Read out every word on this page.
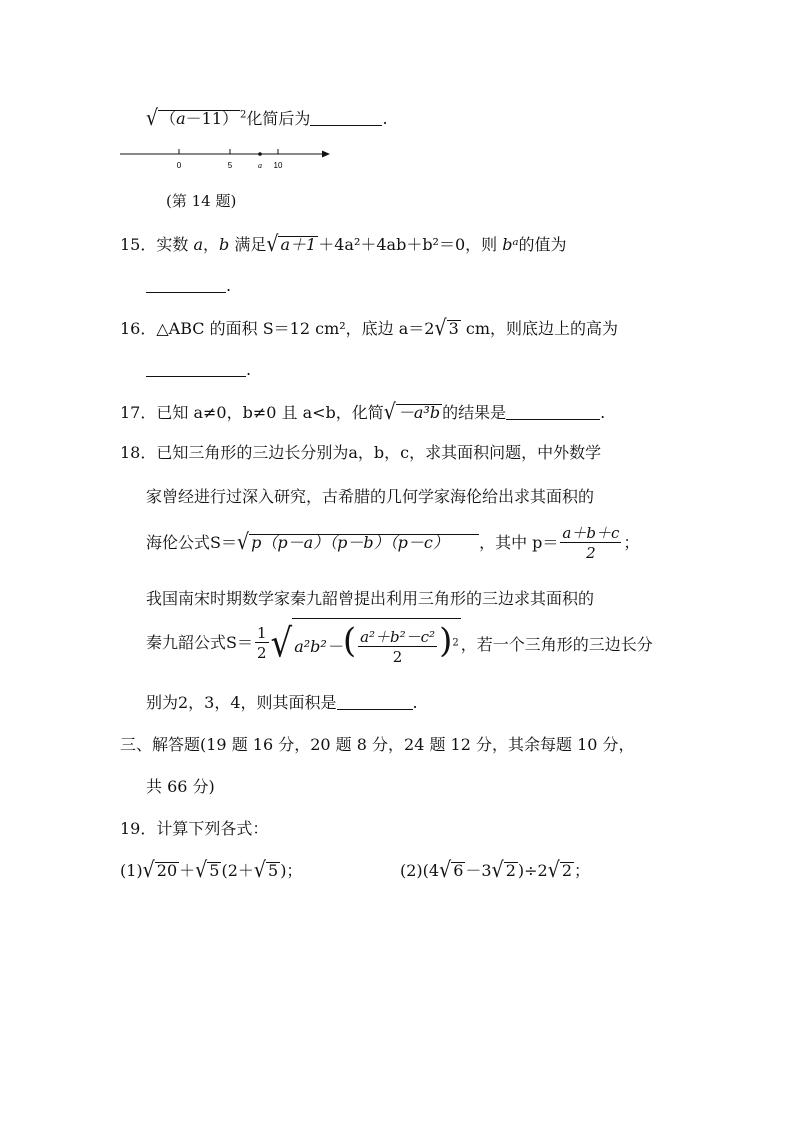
√ （a－11） $^2$化简后为	.
0	5	a 10
(第 14 题)
15．实数 a，b 满足√ a＋1 ＋4a²＋4ab＋b²＝0，则 bᵃ的值为
.
16．△ABC 的面积 S＝12 cm²，底边 a＝2√ 3 cm，则底边上的高为
.
17．已知 a≠0，b≠0 且 a<b，化简√ －a³b 的结果是	.
18．已知三角形的三边长分别为a，b，c，求其面积问题，中外数学
家曾经进行过深入研究，古希腊的几何学家海伦给出求其面积的
海伦公式S＝√ p（p－a）（p－b）（p－c） ，其中 $p= \frac{a+b+c}{2}$ ；
我国南宋时期数学家秦九韶曾提出利用三角形的三边求其面积的
秦九韶公式$S= \frac{1}{2}$ √ $a^2b^2-( \frac{\text{a²＋b²－c²}}{2} )^2$ ，若一个三角形的三边长分
别为2，3，4，则其面积是	.
三、解答题(19 题 16 分，20 题 8 分，24 题 12 分，其余每题 10 分，
共 66 分)
19．计算下列各式：
(1)√ 20 ＋√ 5 (2＋√ 5 )；	(2)(4√ 6 －3√ 2 )÷2√ 2 ；
